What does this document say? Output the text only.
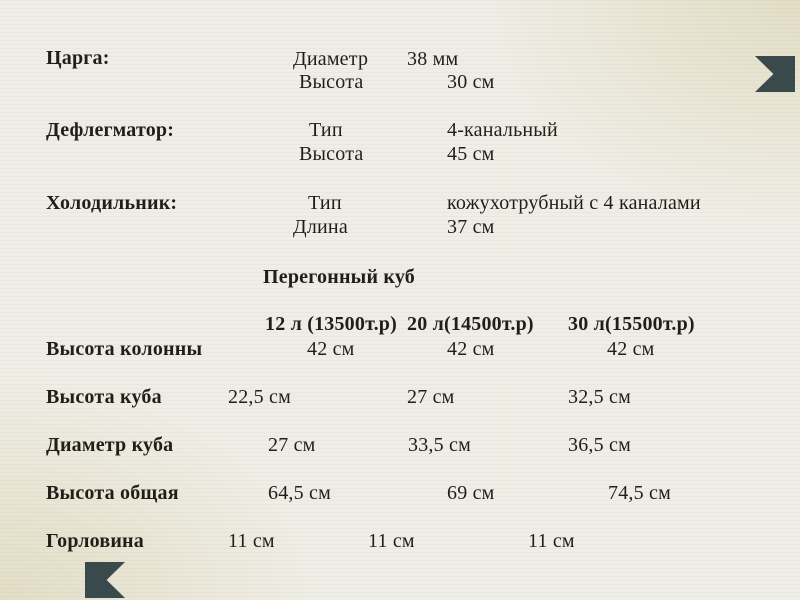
Царга:	Диаметр 38 мм
Высота	30 см
Дефлегматор:	Тип	4-канальный
Высота	45 см
Холодильник:	Тип	кожухотрубный с 4 каналами
Длина	37 см
Перегонный куб
12 л (13500т.р) 20 л(14500т.р) 30 л(15500т.р)
Высота колонны	42 см	42 см	42 см
Высота куба	22,5 см	27 см	32,5 см
Диаметр куба	27 см	33,5 см	36,5 см
Высота общая	64,5 см	69 см	74,5 см
Горловина	11 см	11 см	11 см
